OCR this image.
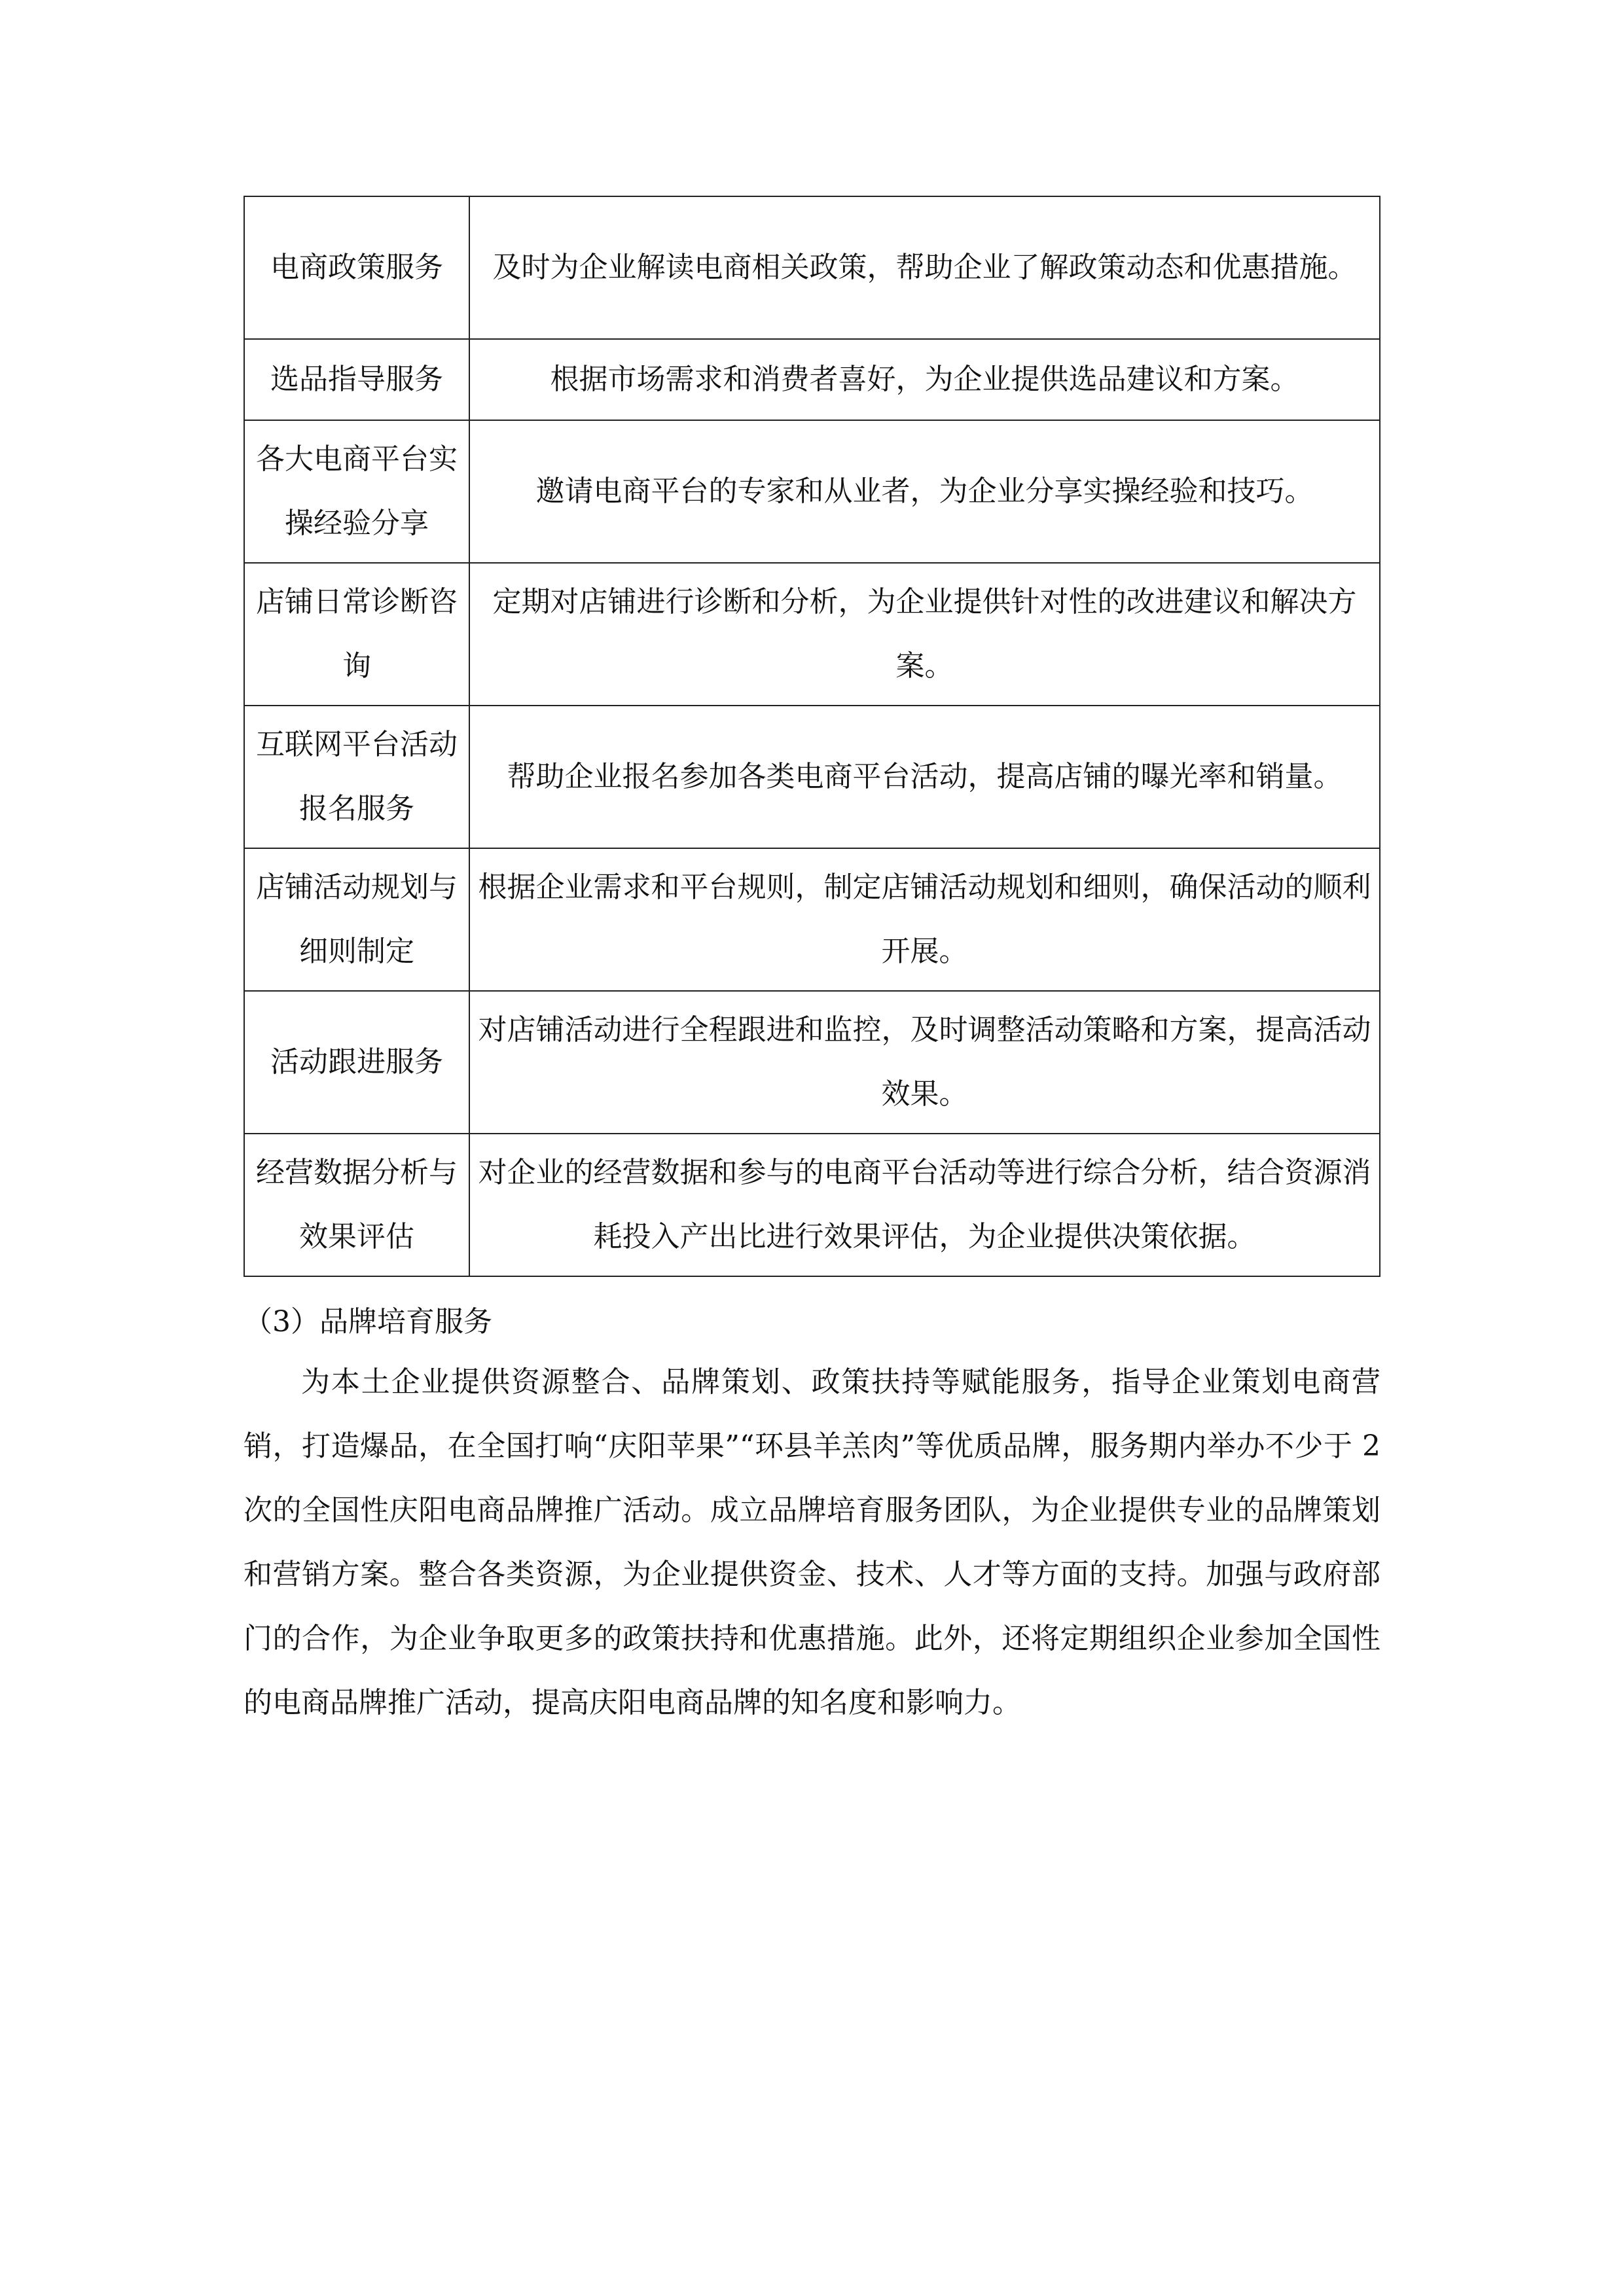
电商政策服务	及时为企业解读电商相关政策，帮助企业了解政策动态和优惠措施。
选品指导服务	根据市场需求和消费者喜好，为企业提供选品建议和方案。
各大电商平台实操经验分享	邀请电商平台的专家和从业者，为企业分享实操经验和技巧。
店铺日常诊断咨询	定期对店铺进行诊断和分析，为企业提供针对性的改进建议和解决方案。
互联网平台活动报名服务	帮助企业报名参加各类电商平台活动，提高店铺的曝光率和销量。
店铺活动规划与细则制定	根据企业需求和平台规则，制定店铺活动规划和细则，确保活动的顺利开展。
活动跟进服务	对店铺活动进行全程跟进和监控，及时调整活动策略和方案，提高活动效果。
经营数据分析与效果评估	对企业的经营数据和参与的电商平台活动等进行综合分析，结合资源消耗投入产出比进行效果评估，为企业提供决策依据。
（3）品牌培育服务

为本土企业提供资源整合、品牌策划、政策扶持等赋能服务，指导企业策划电商营销，打造爆品，在全国打响“庆阳苹果”“环县羊羔肉”等优质品牌，服务期内举办不少于 2 次的全国性庆阳电商品牌推广活动。成立品牌培育服务团队，为企业提供专业的品牌策划和营销方案。整合各类资源，为企业提供资金、技术、人才等方面的支持。加强与政府部门的合作，为企业争取更多的政策扶持和优惠措施。此外，还将定期组织企业参加全国性的电商品牌推广活动，提高庆阳电商品牌的知名度和影响力。
